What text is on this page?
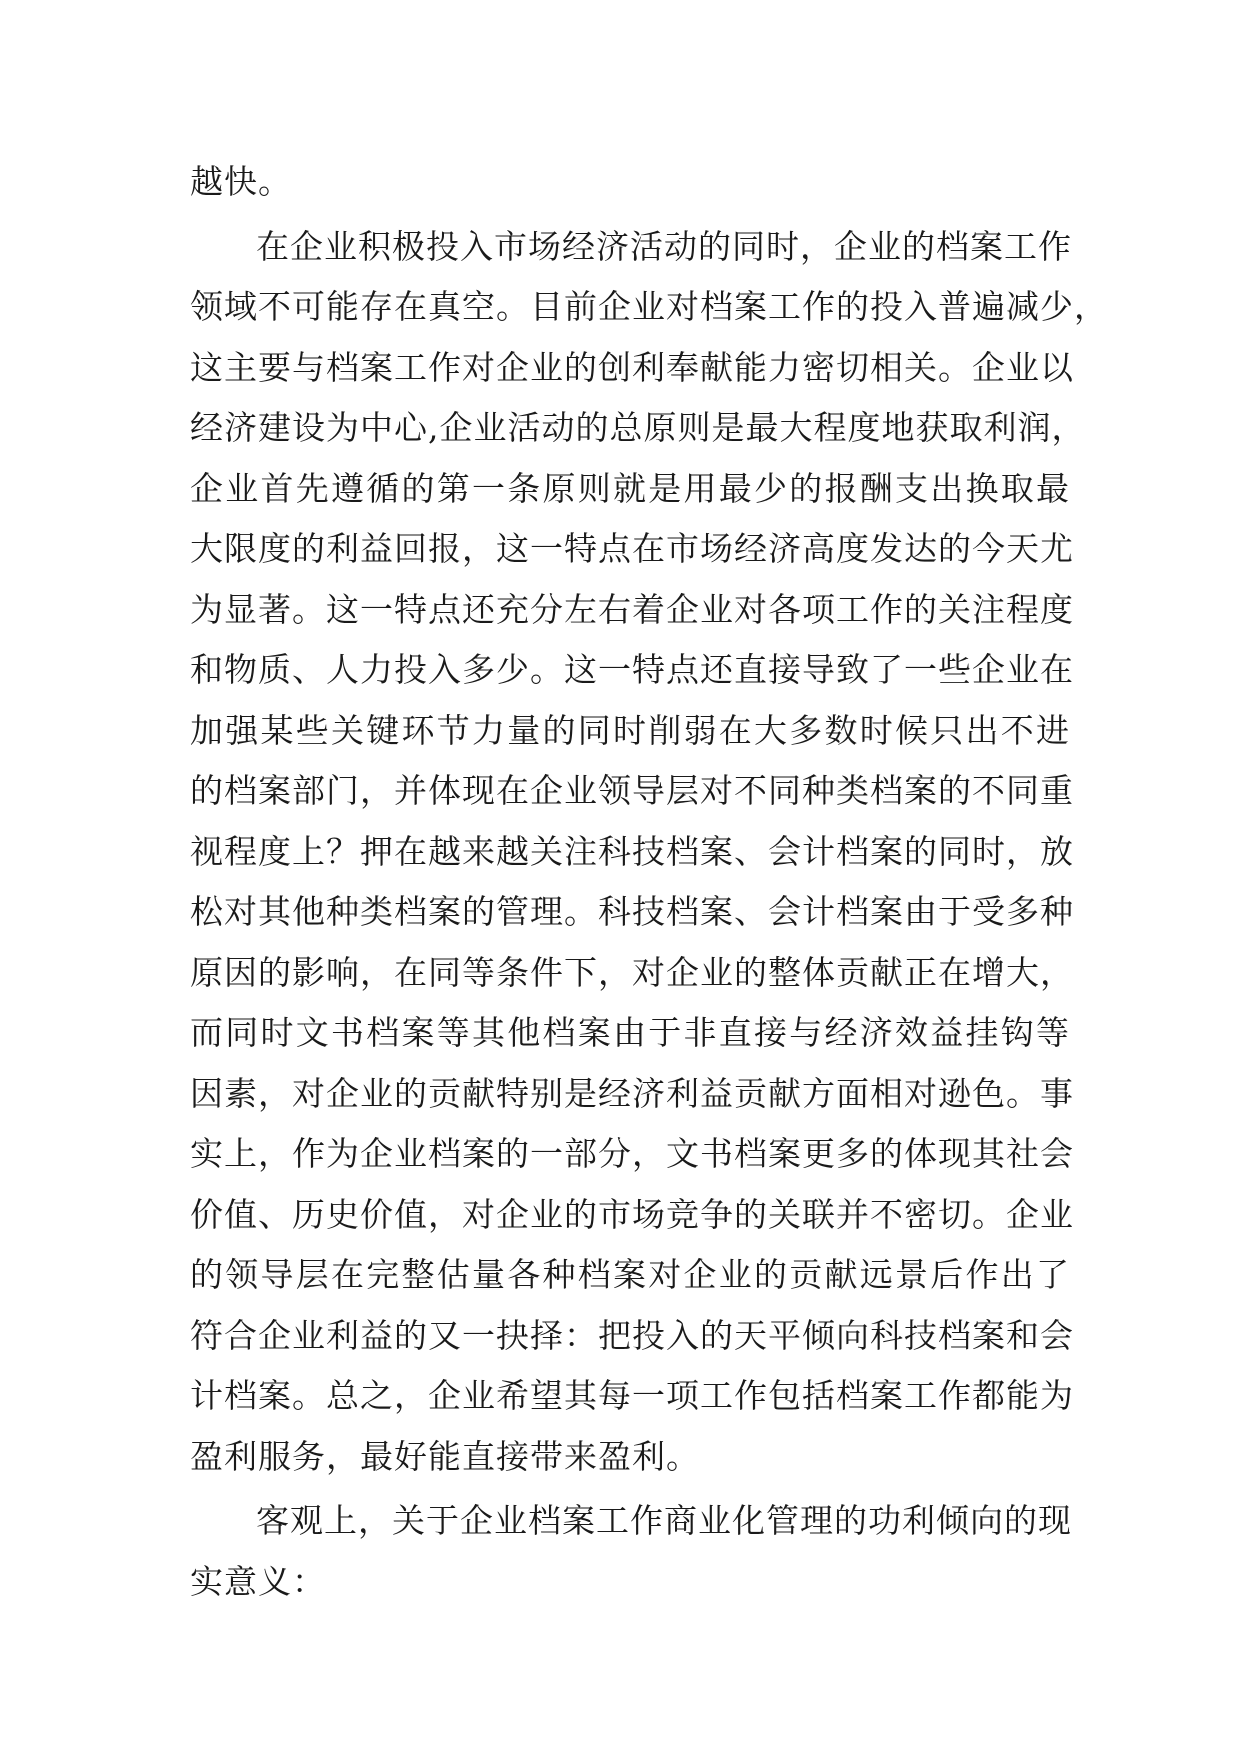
越快。
在企业积极投入市场经济活动的同时，企业的档案工作
领域不可能存在真空。目前企业对档案工作的投入普遍减少，
这主要与档案工作对企业的创利奉献能力密切相关。企业以
经济建设为中心,企业活动的总原则是最大程度地获取利润，
企业首先遵循的第一条原则就是用最少的报酬支出换取最
大限度的利益回报，这一特点在市场经济高度发达的今天尤
为显著。这一特点还充分左右着企业对各项工作的关注程度
和物质、人力投入多少。这一特点还直接导致了一些企业在
加强某些关键环节力量的同时削弱在大多数时候只出不进
的档案部门，并体现在企业领导层对不同种类档案的不同重
视程度上？押在越来越关注科技档案、会计档案的同时，放
松对其他种类档案的管理。科技档案、会计档案由于受多种
原因的影响，在同等条件下，对企业的整体贡献正在增大，
而同时文书档案等其他档案由于非直接与经济效益挂钩等
因素，对企业的贡献特别是经济利益贡献方面相对逊色。事
实上，作为企业档案的一部分，文书档案更多的体现其社会
价值、历史价值，对企业的市场竞争的关联并不密切。企业
的领导层在完整估量各种档案对企业的贡献远景后作出了
符合企业利益的又一抉择：把投入的天平倾向科技档案和会
计档案。总之，企业希望其每一项工作包括档案工作都能为
盈利服务，最好能直接带来盈利。
客观上，关于企业档案工作商业化管理的功利倾向的现
实意义：
